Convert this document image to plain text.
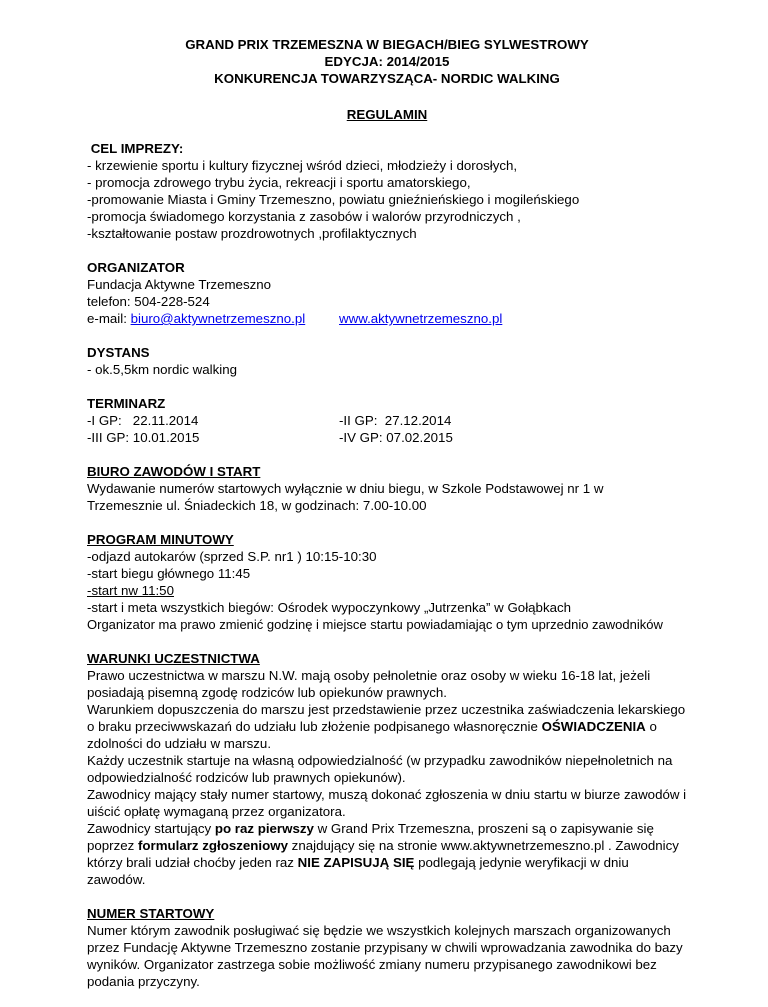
GRAND PRIX TRZEMESZNA W BIEGACH/BIEG SYLWESTROWY

EDYCJA: 2014/2015

KONKURENCJA TOWARZYSZĄCA- NORDIC WALKING

REGULAMIN

CEL IMPREZY:

- krzewienie sportu i kultury fizycznej wśród dzieci, młodzieży i dorosłych,

- promocja zdrowego trybu życia, rekreacji i sportu amatorskiego,

-promowanie Miasta i Gminy Trzemeszno, powiatu gnieźnieńskiego i mogileńskiego

-promocja świadomego korzystania z zasobów i walorów przyrodniczych ,

-kształtowanie postaw prozdrowotnych ,profilaktycznych

ORGANIZATOR

Fundacja Aktywne Trzemeszno

telefon: 504-228-524

e-mail: biuro@aktywnetrzemeszno.pl	www.aktywnetrzemeszno.pl
DYSTANS

- ok.5,5km nordic walking

TERMINARZ
-I GP:   22.11.2014	-II GP:  27.12.2014
-III GP: 10.01.2015	-IV GP: 07.02.2015
BIURO ZAWODÓW I START

Wydawanie numerów startowych wyłącznie w dniu biegu, w Szkole Podstawowej nr 1 w

Trzemesznie ul. Śniadeckich 18, w godzinach: 7.00-10.00

PROGRAM MINUTOWY

-odjazd autokarów (sprzed S.P. nr1 ) 10:15-10:30

-start biegu głównego 11:45

-start nw 11:50

-start i meta wszystkich biegów: Ośrodek wypoczynkowy „Jutrzenka” w Gołąbkach

Organizator ma prawo zmienić godzinę i miejsce startu powiadamiając o tym uprzednio zawodników

WARUNKI UCZESTNICTWA

Prawo uczestnictwa w marszu N.W. mają osoby pełnoletnie oraz osoby w wieku 16-18 lat, jeżeli posiadają pisemną zgodę rodziców lub opiekunów prawnych.

Warunkiem dopuszczenia do marszu jest przedstawienie przez uczestnika zaświadczenia lekarskiego o braku przeciwwskazań do udziału lub złożenie podpisanego własnoręcznie OŚWIADCZENIA o zdolności do udziału w marszu.

Każdy uczestnik startuje na własną odpowiedzialność (w przypadku zawodników niepełnoletnich na odpowiedzialność rodziców lub prawnych opiekunów).

Zawodnicy mający stały numer startowy, muszą dokonać zgłoszenia w dniu startu w biurze zawodów i uiścić opłatę wymaganą przez organizatora.

Zawodnicy startujący po raz pierwszy w Grand Prix Trzemeszna, proszeni są o zapisywanie się poprzez formularz zgłoszeniowy znajdujący się na stronie www.aktywnetrzemeszno.pl . Zawodnicy którzy brali udział choćby jeden raz NIE ZAPISUJĄ SIĘ podlegają jedynie weryfikacji w dniu zawodów.

NUMER STARTOWY

Numer którym zawodnik posługiwać się będzie we wszystkich kolejnych marszach organizowanych przez Fundację Aktywne Trzemeszno zostanie przypisany w chwili wprowadzania zawodnika do bazy wyników. Organizator zastrzega sobie możliwość zmiany numeru przypisanego zawodnikowi bez podania przyczyny.
